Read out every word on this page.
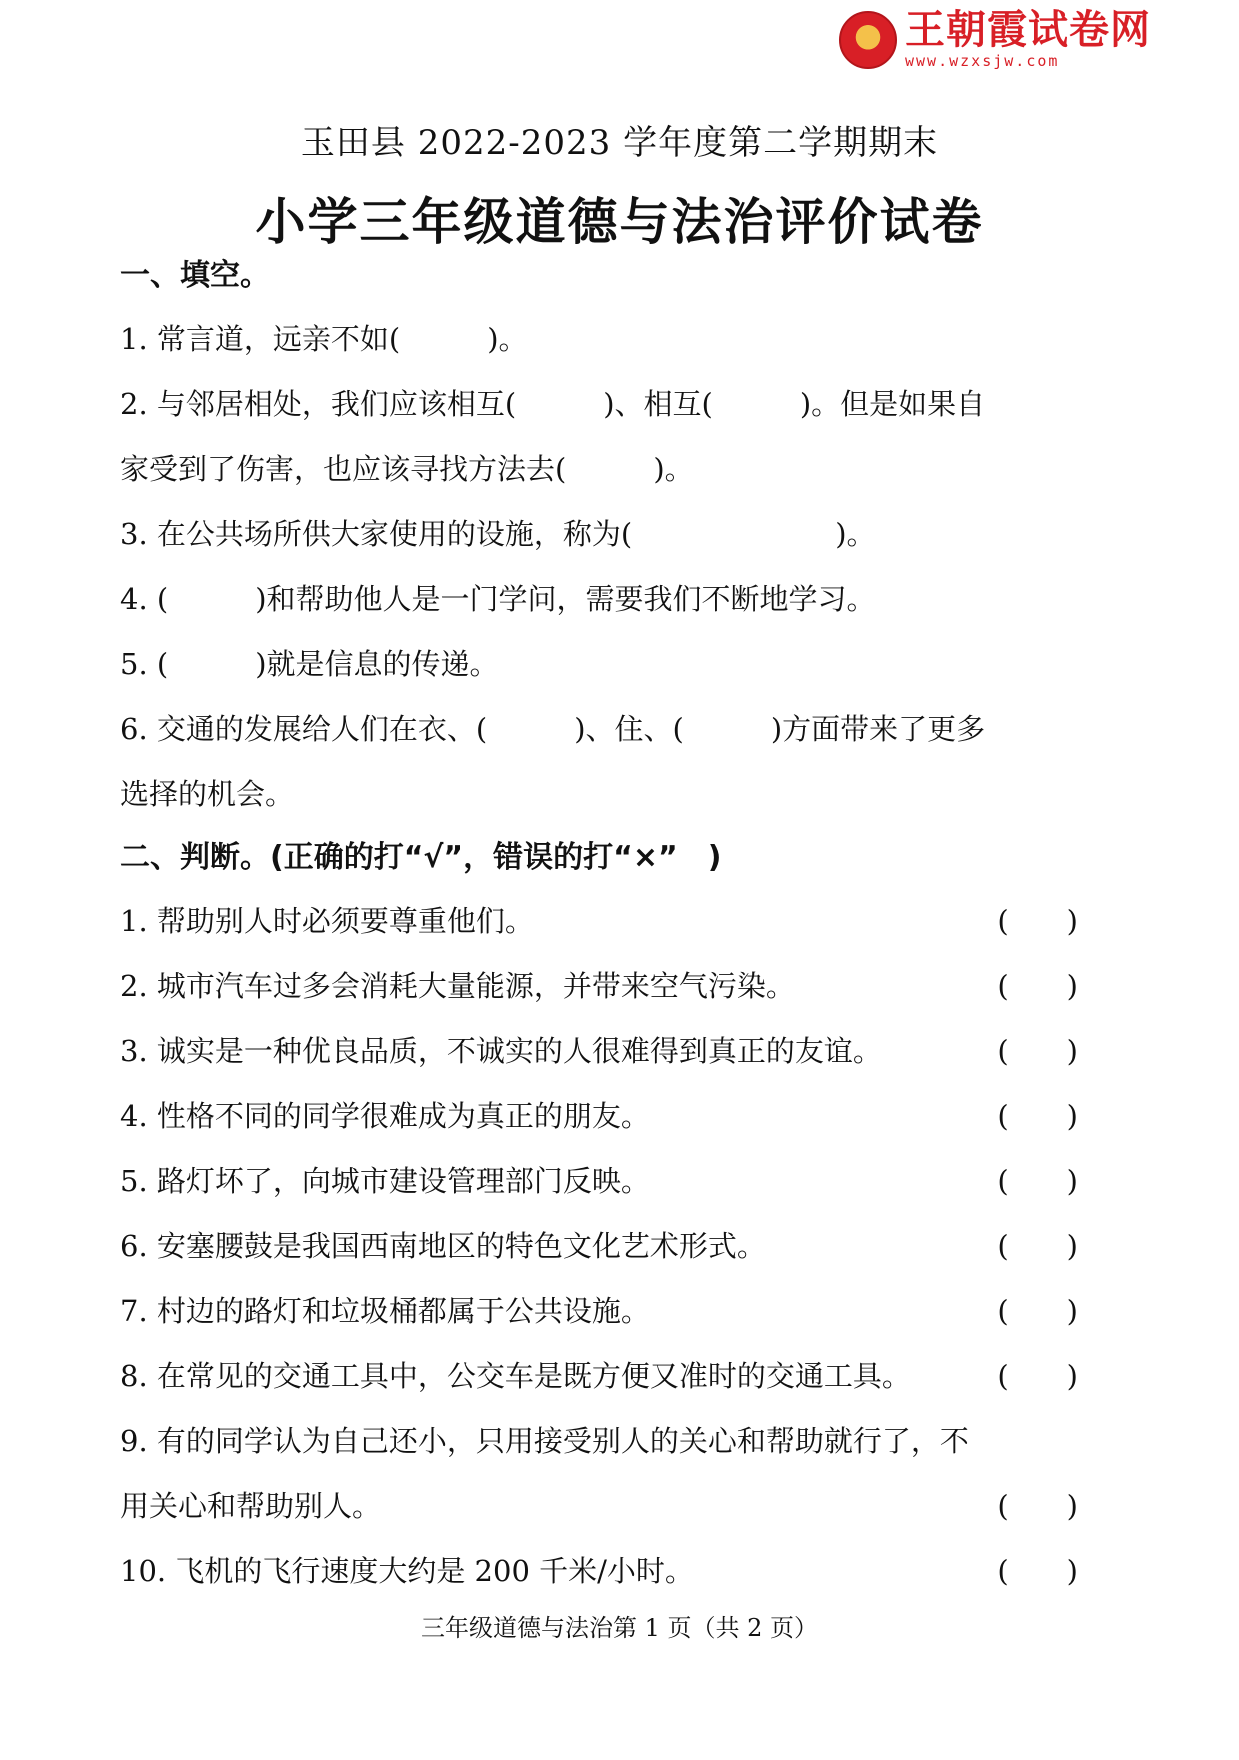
王朝霞试卷网
www.wzxsjw.com

玉田县 2022-2023 学年度第二学期期末

小学三年级道德与法治评价试卷
一、填空。
1. 常言道，远亲不如(　　　)。
2. 与邻居相处，我们应该相互(　　　)、相互(　　　)。但是如果自
家受到了伤害，也应该寻找方法去(　　　)。
3. 在公共场所供大家使用的设施，称为(　　　　　　　)。
4. (　　　)和帮助他人是一门学问，需要我们不断地学习。
5. (　　　)就是信息的传递。
6. 交通的发展给人们在衣、(　　　)、住、(　　　)方面带来了更多
选择的机会。
二、判断。(正确的打“√”，错误的打“×”　)
1. 帮助别人时必须要尊重他们。	(　　)
2. 城市汽车过多会消耗大量能源，并带来空气污染。	(　　)
3. 诚实是一种优良品质，不诚实的人很难得到真正的友谊。	(　　)
4. 性格不同的同学很难成为真正的朋友。	(　　)
5. 路灯坏了，向城市建设管理部门反映。	(　　)
6. 安塞腰鼓是我国西南地区的特色文化艺术形式。	(　　)
7. 村边的路灯和垃圾桶都属于公共设施。	(　　)
8. 在常见的交通工具中，公交车是既方便又准时的交通工具。	(　　)
9. 有的同学认为自己还小，只用接受别人的关心和帮助就行了，不
用关心和帮助别人。	(　　)
10. 飞机的飞行速度大约是 200 千米/小时。	(　　)
三年级道德与法治第 1 页（共 2 页）
